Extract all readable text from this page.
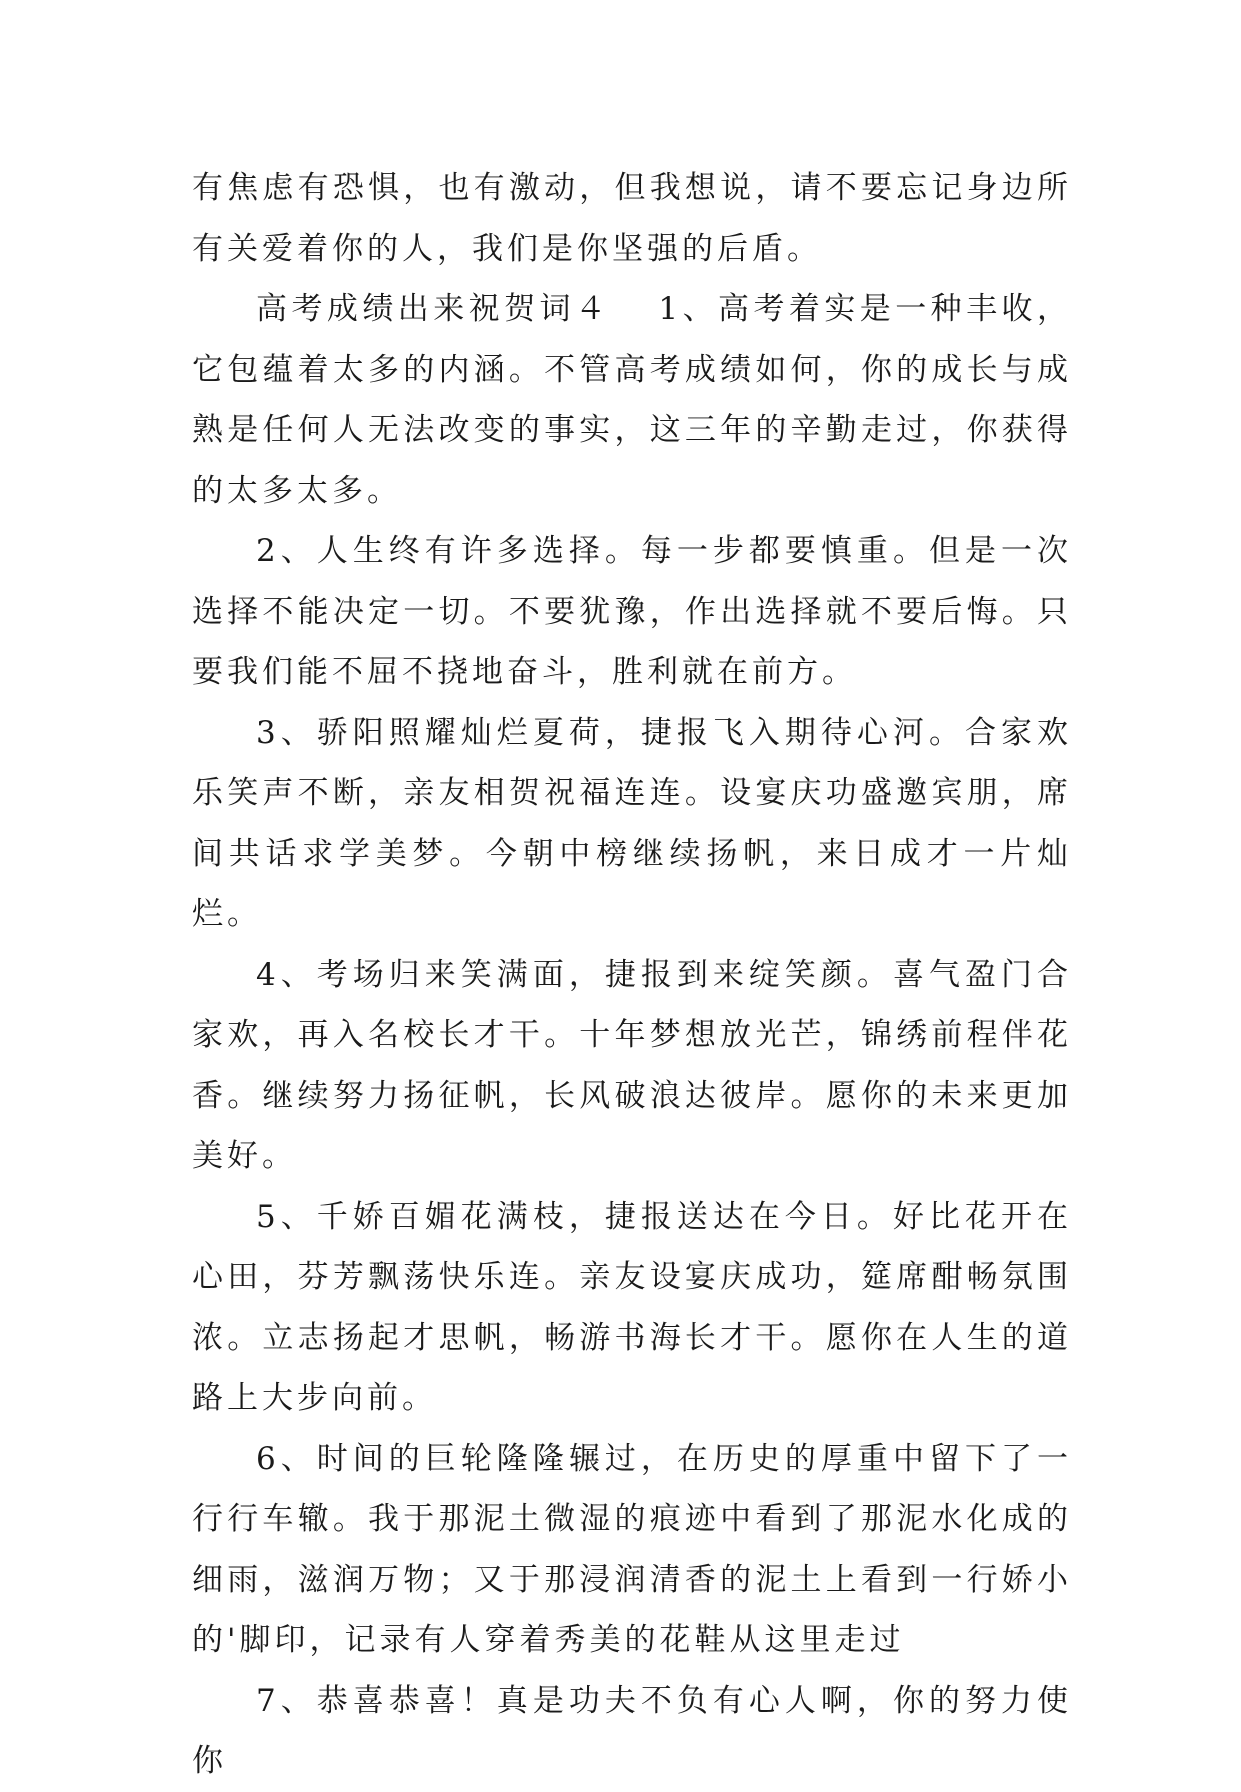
有焦虑有恐惧，也有激动，但我想说，请不要忘记身边所有关爱着你的人，我们是你坚强的后盾。

高考成绩出来祝贺词４ 1、高考着实是一种丰收，它包蕴着太多的内涵。不管高考成绩如何，你的成长与成熟是任何人无法改变的事实，这三年的辛勤走过，你获得的太多太多。

2、人生终有许多选择。每一步都要慎重。但是一次选择不能决定一切。不要犹豫，作出选择就不要后悔。只要我们能不屈不挠地奋斗，胜利就在前方。

3、骄阳照耀灿烂夏荷，捷报飞入期待心河。合家欢乐笑声不断，亲友相贺祝福连连。设宴庆功盛邀宾朋，席间共话求学美梦。今朝中榜继续扬帆，来日成才一片灿烂。

4、考场归来笑满面，捷报到来绽笑颜。喜气盈门合家欢，再入名校长才干。十年梦想放光芒，锦绣前程伴花香。继续努力扬征帆，长风破浪达彼岸。愿你的未来更加美好。

5、千娇百媚花满枝，捷报送达在今日。好比花开在心田，芬芳飘荡快乐连。亲友设宴庆成功，筵席酣畅氛围浓。立志扬起才思帆，畅游书海长才干。愿你在人生的道路上大步向前。

6、时间的巨轮隆隆辗过，在历史的厚重中留下了一行行车辙。我于那泥土微湿的痕迹中看到了那泥水化成的细雨，滋润万物；又于那浸润清香的泥土上看到一行娇小的'脚印，记录有人穿着秀美的花鞋从这里走过

7、恭喜恭喜！真是功夫不负有心人啊，你的努力使你
